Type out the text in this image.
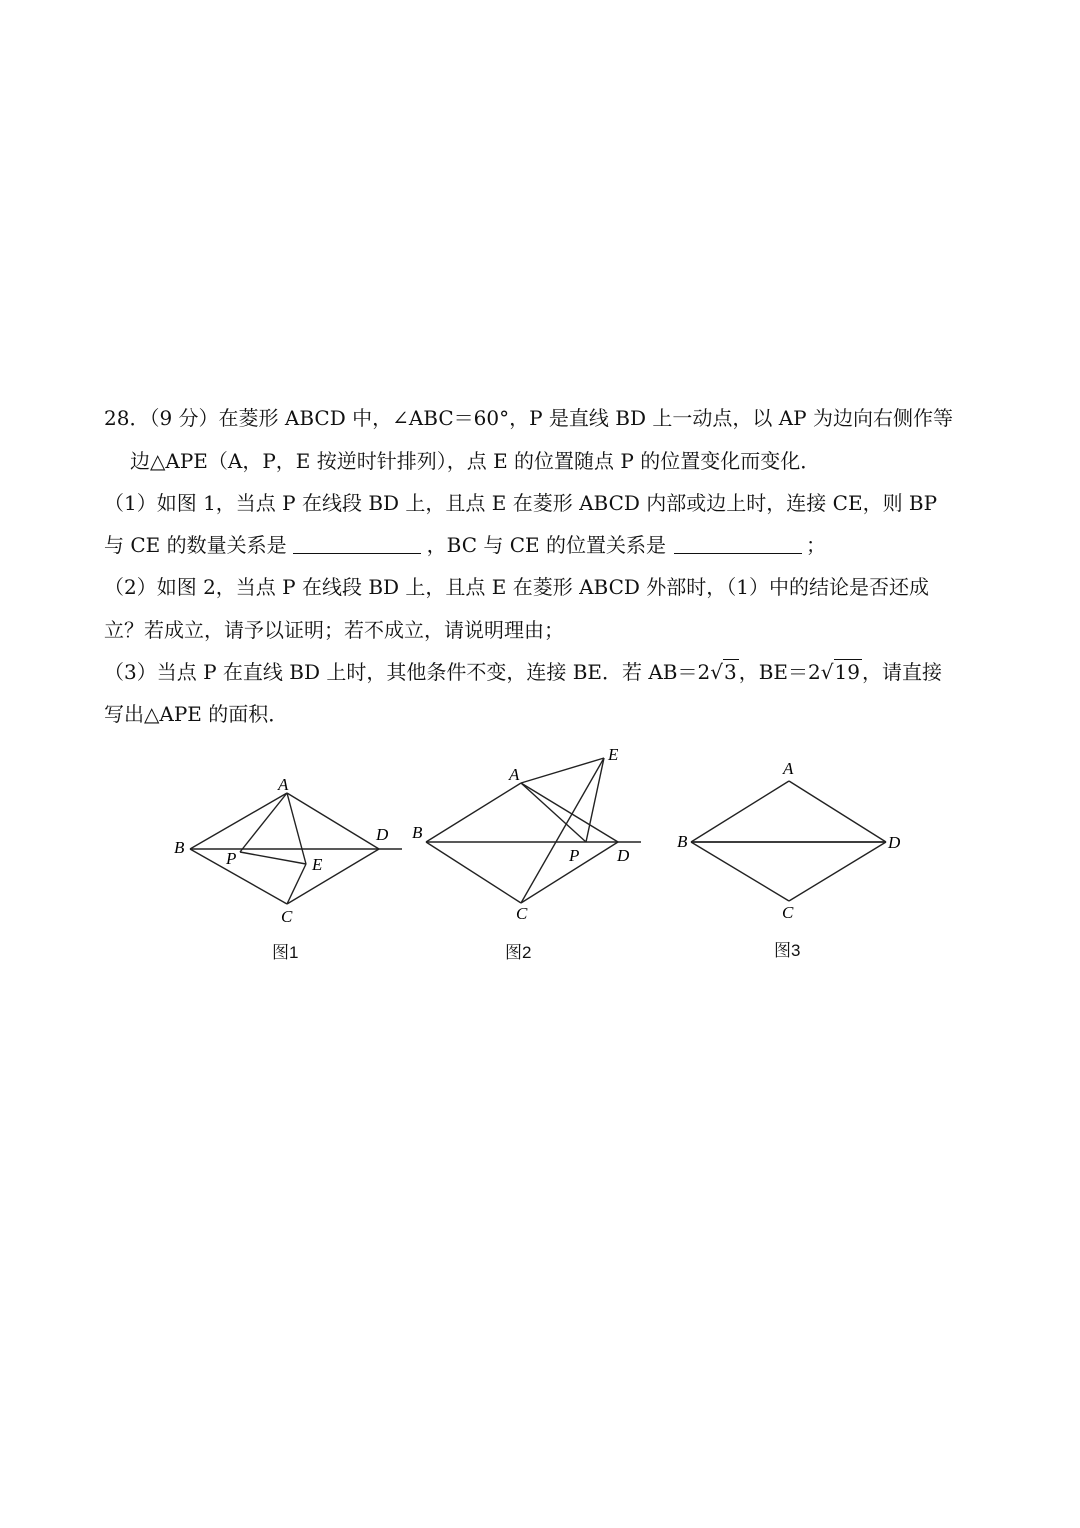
28．（9 分）在菱形 ABCD 中，∠ABC＝60°，P 是直线 BD 上一动点，以 AP 为边向右侧作等
边△APE（A，P，E 按逆时针排列），点 E 的位置随点 P 的位置变化而变化．
（1）如图 1，当点 P 在线段 BD 上，且点 E 在菱形 ABCD 内部或边上时，连接 CE，则 BP
与 CE 的数量关系是	，BC 与 CE 的位置关系是	；
（2）如图 2，当点 P 在线段 BD 上，且点 E 在菱形 ABCD 外部时，（1）中的结论是否还成
立？若成立，请予以证明；若不成立，请说明理由；
（3）当点 P 在直线 BD 上时，其他条件不变，连接 BE．若 AB＝2√3 ，BE＝2√19 ，请直接
写出△APE 的面积．
A
B
D
P	E
C
图1
A
E
B
P D
C
图2
A
B	D
C
图3
